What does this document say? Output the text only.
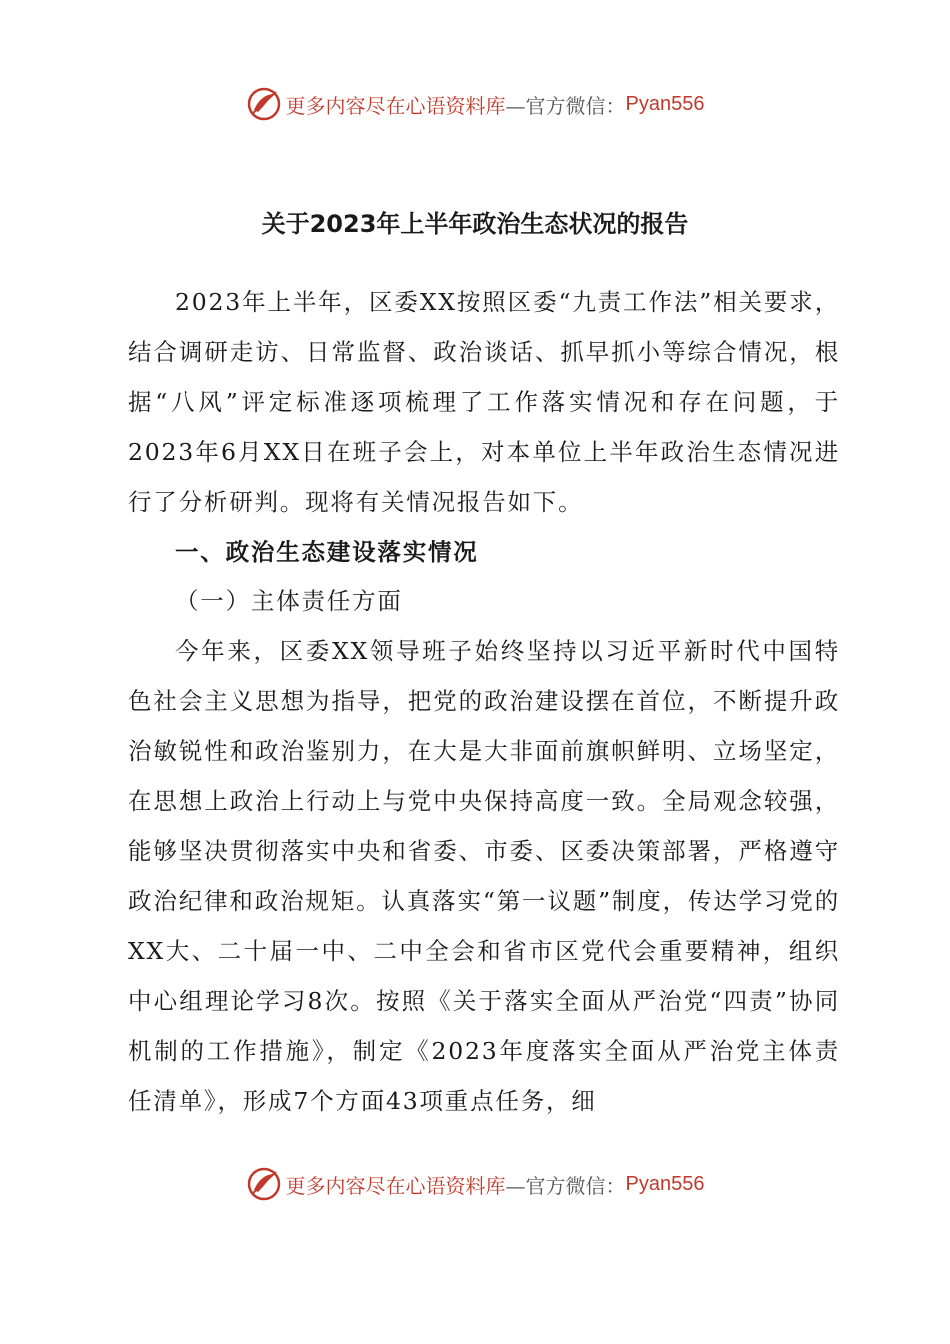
更多内容尽在心语资料库 —官方微信： Pyan556
关于2023年上半年政治生态状况的报告

2023年上半年，区委XX按照区委“九责工作法”相关要求，结合调研走访、日常监督、政治谈话、抓早抓小等综合情况，根据“八风”评定标准逐项梳理了工作落实情况和存在问题，于2023年6月XX日在班子会上，对本单位上半年政治生态情况进行了分析研判。现将有关情况报告如下。

一、政治生态建设落实情况
（一）主体责任方面

今年来，区委XX领导班子始终坚持以习近平新时代中国特色社会主义思想为指导，把党的政治建设摆在首位，不断提升政治敏锐性和政治鉴别力，在大是大非面前旗帜鲜明、立场坚定，在思想上政治上行动上与党中央保持高度一致。全局观念较强，能够坚决贯彻落实中央和省委、市委、区委决策部署，严格遵守政治纪律和政治规矩。认真落实“第一议题”制度，传达学习党的XX大、二十届一中、二中全会和省市区党代会重要精神，组织中心组理论学习8次。按照《关于落实全面从严治党“四责”协同机制的工作措施》，制定《2023年度落实全面从严治党主体责任清单》，形成7个方面43项重点任务，细

更多内容尽在心语资料库 —官方微信： Pyan556
